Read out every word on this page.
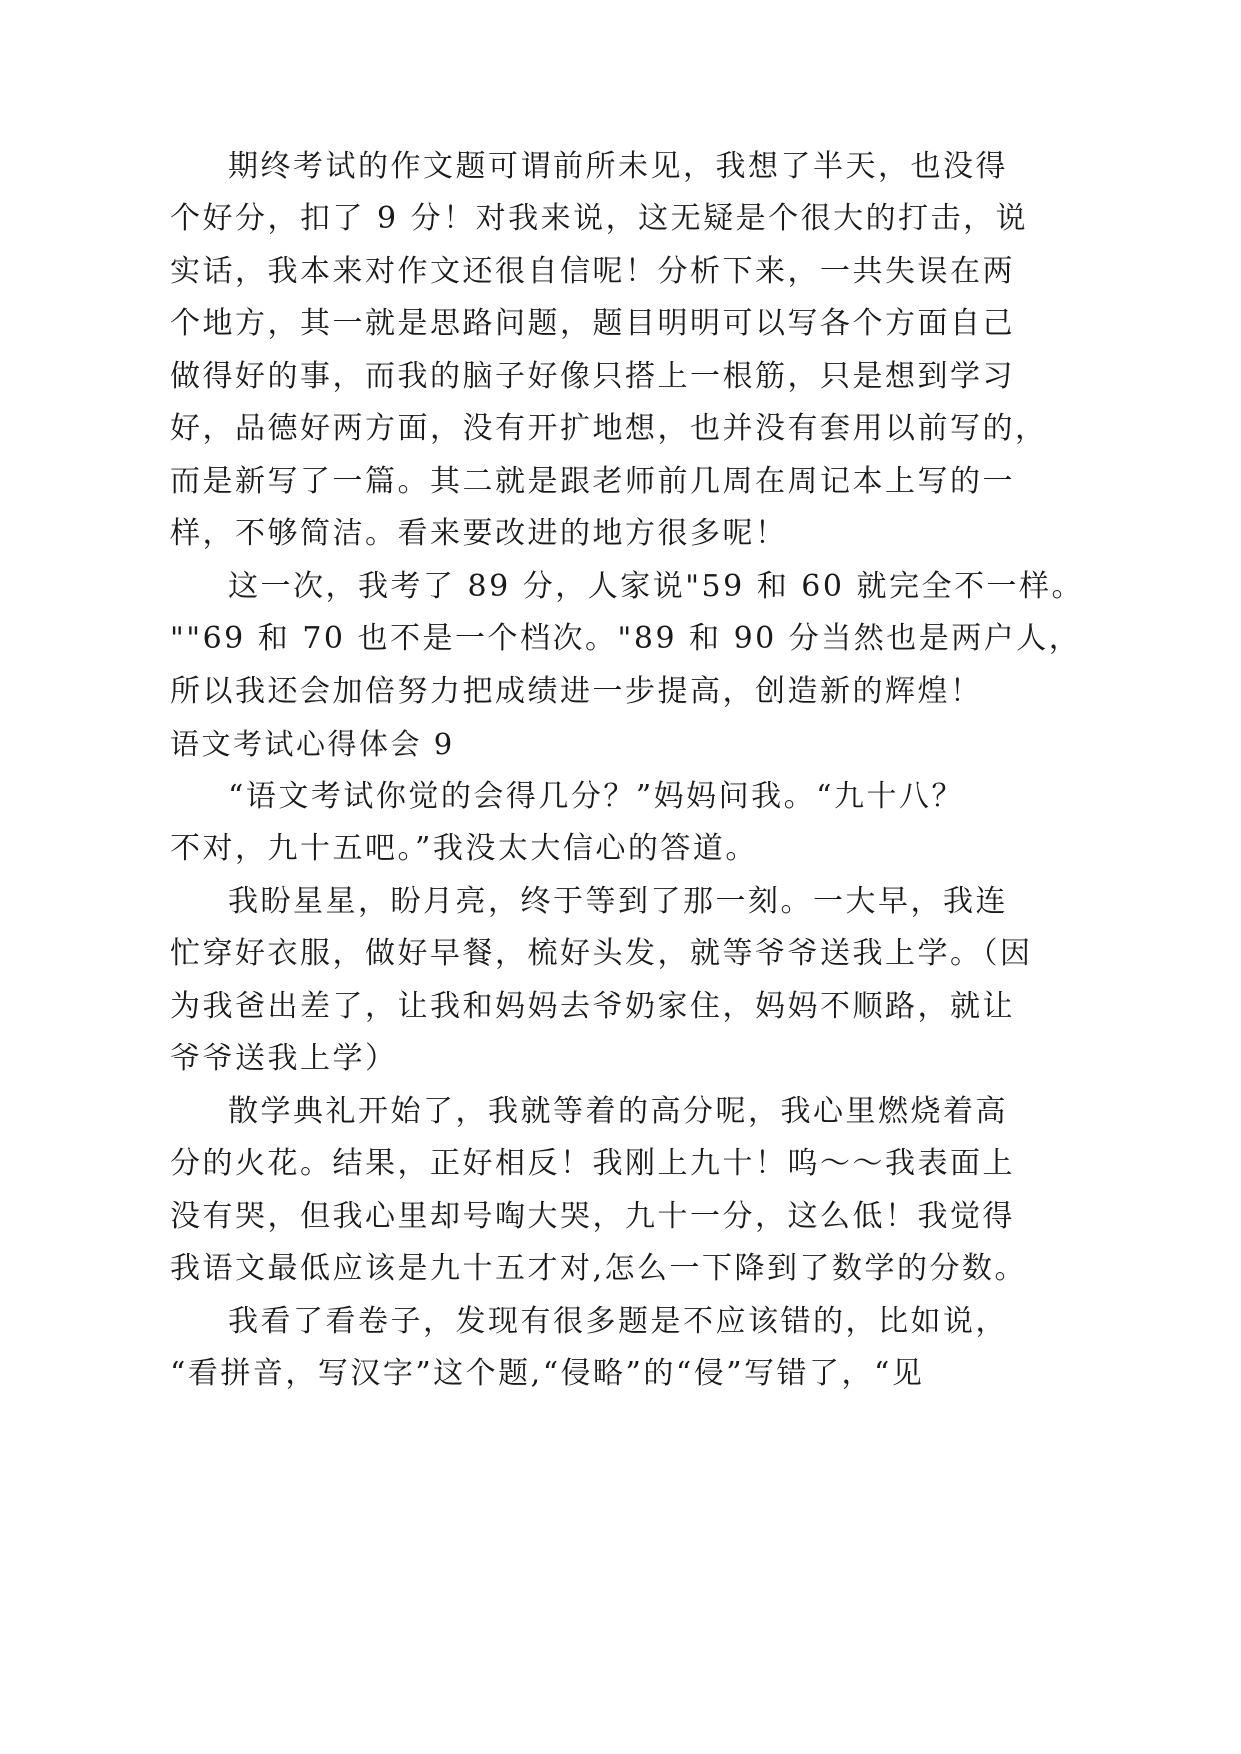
期终考试的作文题可谓前所未见，我想了半天，也没得

个好分，扣了 9 分！对我来说，这无疑是个很大的打击，说

实话，我本来对作文还很自信呢！分析下来，一共失误在两

个地方，其一就是思路问题，题目明明可以写各个方面自己

做得好的事，而我的脑子好像只搭上一根筋，只是想到学习

好，品德好两方面，没有开扩地想，也并没有套用以前写的，

而是新写了一篇。其二就是跟老师前几周在周记本上写的一

样，不够简洁。看来要改进的地方很多呢！

这一次，我考了 89 分，人家说"59 和 60 就完全不一样。

""69 和 70 也不是一个档次。"89 和 90 分当然也是两户人，

所以我还会加倍努力把成绩进一步提高，创造新的辉煌！

语文考试心得体会 9

“语文考试你觉的会得几分？”妈妈问我。“九十八？

不对，九十五吧。”我没太大信心的答道。

我盼星星，盼月亮，终于等到了那一刻。一大早，我连

忙穿好衣服，做好早餐，梳好头发，就等爷爷送我上学。（因

为我爸出差了，让我和妈妈去爷奶家住，妈妈不顺路，就让

爷爷送我上学）

散学典礼开始了，我就等着的高分呢，我心里燃烧着高

分的火花。结果，正好相反！我刚上九十！呜～～我表面上

没有哭，但我心里却号啕大哭，九十一分，这么低！我觉得

我语文最低应该是九十五才对,怎么一下降到了数学的分数。

我看了看卷子，发现有很多题是不应该错的，比如说，

“看拼音，写汉字”这个题,“侵略”的“侵”写错了，“见
